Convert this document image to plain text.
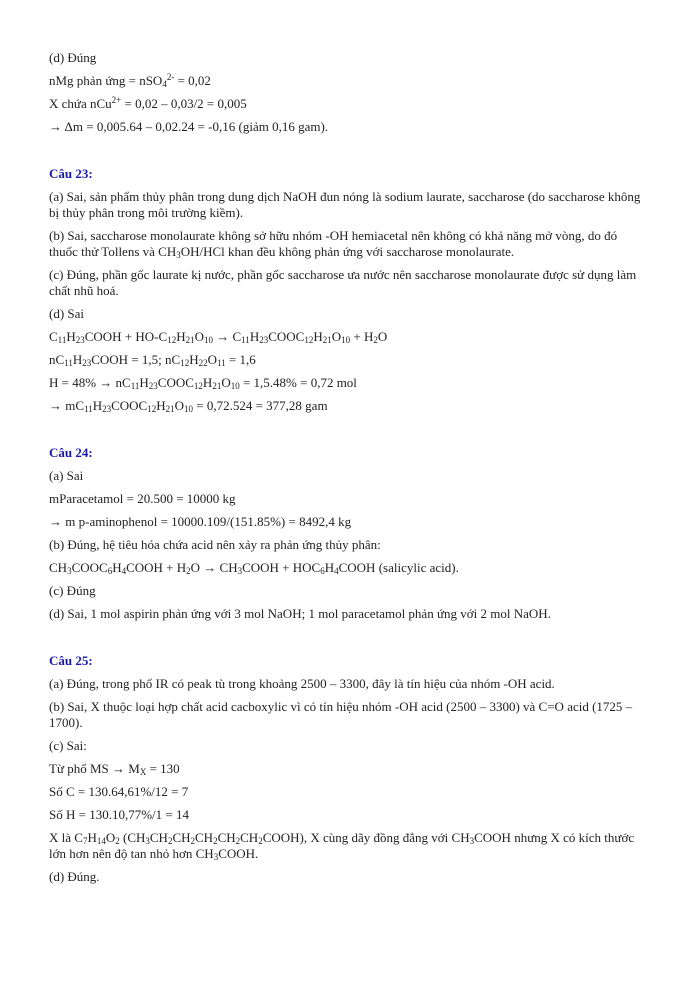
(d) Đúng
nMg phản ứng = nSO$_4^{2-}$ = 0,02
X chứa nCu$^{2+}$ = 0,02 – 0,03/2 = 0,005
→ Δm = 0,005.64 – 0,02.24 = -0,16 (giảm 0,16 gam).
Câu 23:
(a) Sai, sản phẩm thủy phân trong dung dịch NaOH đun nóng là sodium laurate, saccharose (do saccharose không bị thủy phân trong môi trường kiềm).
(b) Sai, saccharose monolaurate không sở hữu nhóm -OH hemiacetal nên không có khả năng mở vòng, do đó thuốc thử Tollens và $CH_3OH$/HCl khan đều không phản ứng với saccharose monolaurate.
(c) Đúng, phần gốc laurate kị nước, phần gốc saccharose ưa nước nên saccharose monolaurate được sử dụng làm chất nhũ hoá.
(d) Sai
$C_{11}H_{23}COOH + HO-C_{12}H_{21}O_{10}$ → $C_{11}H_{23}COOC_{12}H_{21}O_{10} + H_2O$
$nC_{11}H_{23}COOH = 1,5$; $nC_{12}H_{22}O_{11} = 1,6$
$H = 48\% \to nC_{11}H_{23}COOC_{12}H_{21}O_{10} = 1,5.48\% = 0,72$ mol
→ $mC_{11}H_{23}COOC_{12}H_{21}O_{10} = 0,72.524 = 377,28$ gam
Câu 24:
(a) Sai
mParacetamol = 20.500 = 10000 kg
→ m p-aminophenol = 10000.109/(151.85%) = 8492,4 kg
(b) Đúng, hệ tiêu hóa chứa acid nên xảy ra phản ứng thủy phân:
$CH_3COOC_6H_4COOH + H_2O$ → $CH_3COOH$ + $HOC_6H_4COOH$ (salicylic acid).
(c) Đúng
(d) Sai, 1 mol aspirin phản ứng với 3 mol NaOH; 1 mol paracetamol phản ứng với 2 mol NaOH.
Câu 25:
(a) Đúng, trong phổ IR có peak tù trong khoảng 2500 – 3300, đây là tín hiệu của nhóm -OH acid.
(b) Sai, X thuộc loại hợp chất acid cacboxylic vì có tín hiệu nhóm -OH acid (2500 – 3300) và C=O acid (1725 – 1700).
(c) Sai:
Từ phổ MS → $M_X = 130$
Số C = 130.64,61%/12 = 7
Số H = 130.10,77%/1 = 14
X là $C_7H_{14}O_2$ $(CH_3CH_2CH_2CH_2CH_2CH_2COOH)$, X cùng dãy đồng đẳng với $CH_3COOH$ nhưng X có kích thước lớn hơn nên độ tan nhỏ hơn $CH_3COOH$.
(d) Đúng.
